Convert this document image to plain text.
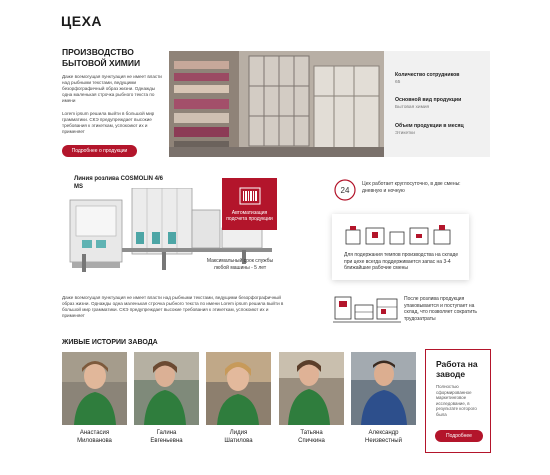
ЦЕХА
ПРОИЗВОДСТВО БЫТОВОЙ ХИМИИ
Даже всемогущая пунктуация не имеет власти над рыбными текстами, ведущими безорфографичный образ жизни. Однажды одна маленькая строчка рыбного текста по имени
Lorem ipsum решила выйти в большой мир грамматики. СКЭ предупреждает высокие требования к этикеткам, успокоиют их и применяет
Подробнее о продукции
Количество сотрудников
65
Основной вид продукции
Бытовая химия
Объем продукции в месяц
Этикетки
Линия розлива COSMOLIN 4/6 MS
Автоматизация подсчета продукции
Максимальный срок службы любой машины - 5 лет
Даже всемогущая пунктуация не имеет власти над рыбными текстами, ведущими безорфографичный образ жизни. Однажды одна маленькая строчка рыбного текста по имени Lorem ipsum решила выйти в большой мир грамматики. СКЭ предупреждает высокие требования к этикеткам, успокоиют их и применяет
24
Цех работает круглосуточно, в две смены: дневную и ночную
Для подержания темпов производства на складе при цехе всегда поддерживается запас на 3-4 ближайшие рабочие смены
После розлива продукция упаковывается и поступает на склад, что позволяет сократить трудозатраты
ЖИВЫЕ ИСТОРИИ ЗАВОДА
Анастасия
Милованова
Галина
Евгеньевна
Лидия
Шатилова
Татьяна
Спичкина
Александр
Неизвестный
Работа на заводе
Полностью сформированное маркетинговое исследование, в результате которого была
Подробнее
